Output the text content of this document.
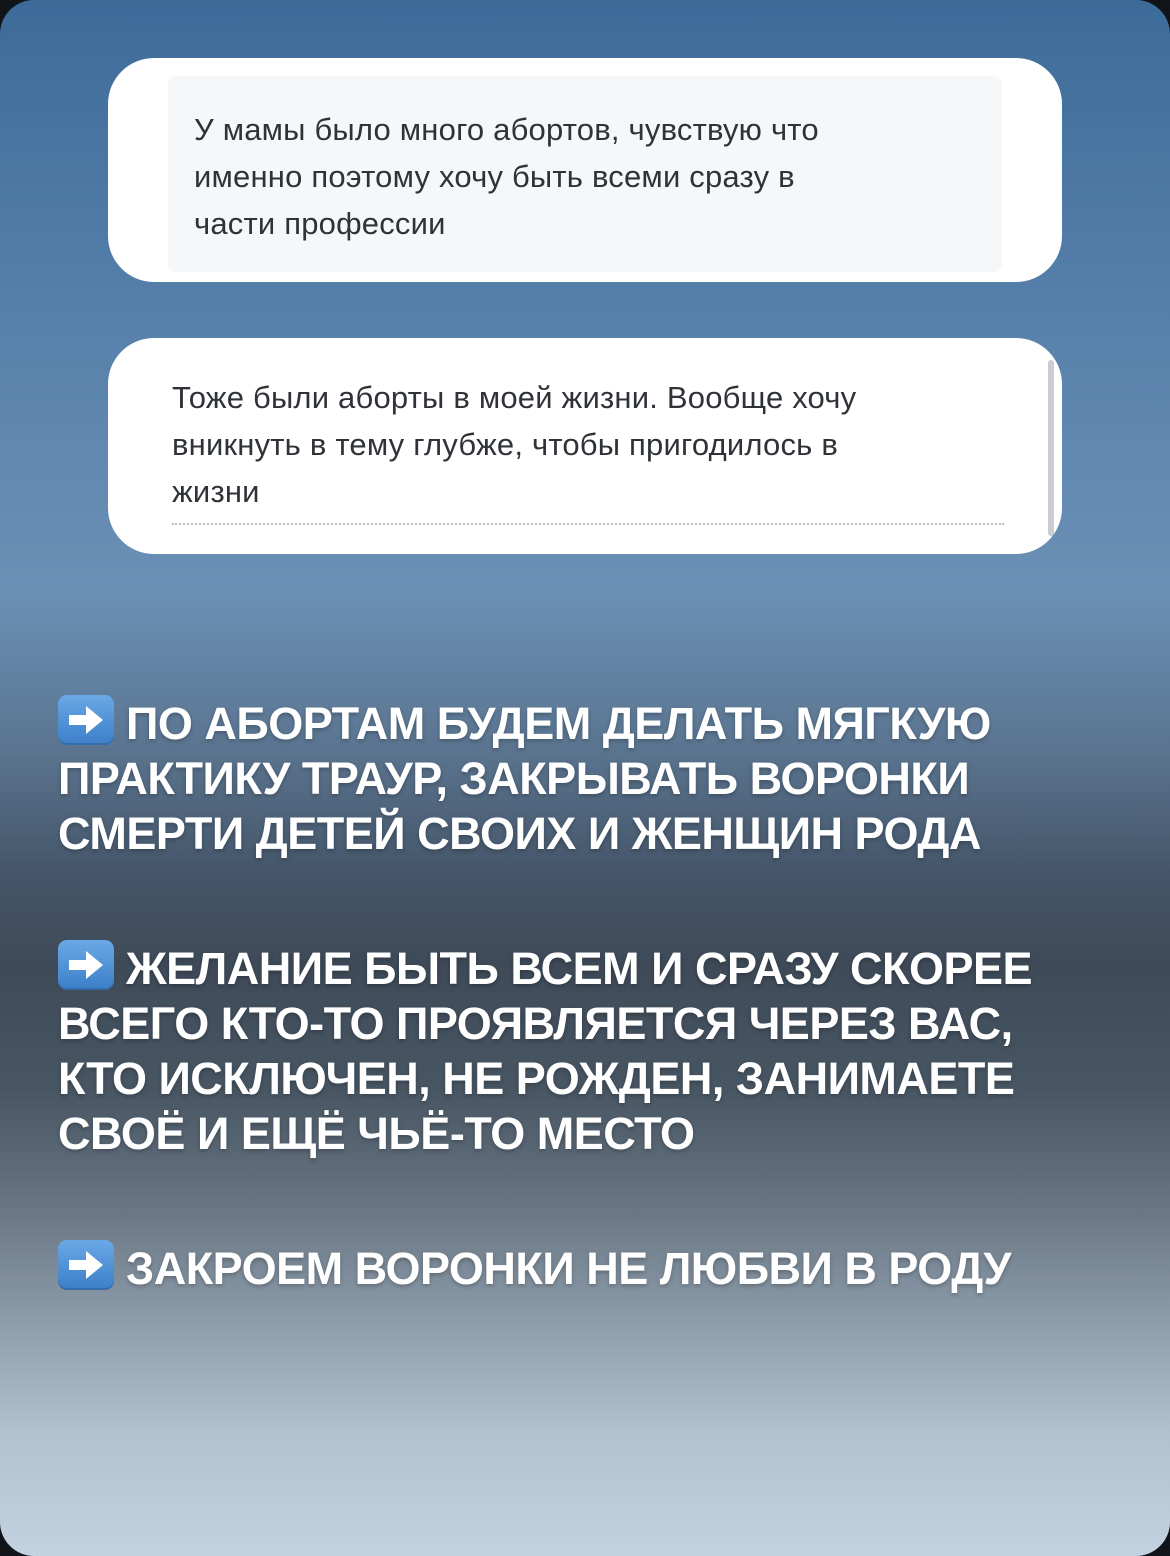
У мамы было много абортов, чувствую что
именно поэтому хочу быть всеми сразу в
части профессии

Тоже были аборты в моей жизни. Вообще хочу
вникнуть в тему глубже, чтобы пригодилось в
жизни

ПО АБОРТАМ БУДЕМ ДЕЛАТЬ МЯГКУЮ
ПРАКТИКУ ТРАУР, ЗАКРЫВАТЬ ВОРОНКИ
СМЕРТИ ДЕТЕЙ СВОИХ И ЖЕНЩИН РОДА
ЖЕЛАНИЕ БЫТЬ ВСЕМ И СРАЗУ СКОРЕЕ
ВСЕГО КТО-ТО ПРОЯВЛЯЕТСЯ ЧЕРЕЗ ВАС,
КТО ИСКЛЮЧЕН, НЕ РОЖДЕН, ЗАНИМАЕТЕ
СВОЁ И ЕЩЁ ЧЬЁ-ТО МЕСТО
ЗАКРОЕМ ВОРОНКИ НЕ ЛЮБВИ В РОДУ
